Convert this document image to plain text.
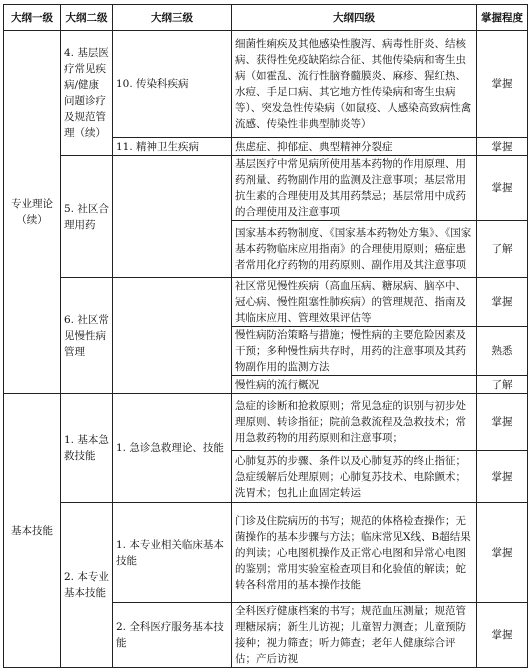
大纲一级	大纲二级	大纲三级	大纲四级	掌握程度
专业理论（续）	4. 基层医疗常见疾病/健康问题诊疗及规范管理（续）	10. 传染科疾病	细菌性痢疾及其他感染性腹泻、病毒性肝炎、结核病、获得性免疫缺陷综合征、其他传染病和寄生虫病（如霍乱、流行性脑脊髓膜炎、麻疹、猩红热、水痘、手足口病、其它地方性传染病和寄生虫病等）、突发急性传染病（如鼠疫、人感染高致病性禽流感、传染性非典型肺炎等）	掌握
		11. 精神卫生疾病	焦虑症、抑郁症、典型精神分裂症	掌握
	5. 社区合理用药		基层医疗中常见病所使用基本药物的作用原理、用药剂量、药物副作用的监测及注意事项；基层常用抗生素的合理使用及其用药禁忌；基层常用中成药的合理使用及注意事项	掌握
			国家基本药物制度、《国家基本药物处方集》、《国家基本药物临床应用指南》的合理使用原则；癌症患者常用化疗药物的用药原则、副作用及其注意事项	了解
	6. 社区常见慢性病管理		社区常见慢性疾病（高血压病、糖尿病、脑卒中、冠心病、慢性阻塞性肺疾病）的管理规范、指南及其临床应用、管理效果评估等	掌握
			慢性病防治策略与措施；慢性病的主要危险因素及干预；多种慢性病共存时，用药的注意事项及其药物副作用的监测方法	熟悉
			慢性病的流行概况	了解
基本技能	1. 基本急救技能	1. 急诊急救理论、技能	急症的诊断和抢救原则；常见急症的识别与初步处理原则、转诊指征；院前急救流程及急救技术；常用急救药物的用药原则和注意事项；	掌握
			心肺复苏的步骤、条件以及心肺复苏的终止指征；急症缓解后处理原则；心肺复苏技术、电除颤术；洗胃术；包扎止血固定转运	掌握
	2. 本专业基本技能	1. 本专业相关临床基本技能	门诊及住院病历的书写；规范的体格检查操作；无菌操作的基本步骤与方法；临床常见X线、B超结果的判读；心电图机操作及正常心电图和异常心电图的鉴别；常用实验室检查项目和化验值的解读；蛇转各科常用的基本操作技能	掌握
		2. 全科医疗服务基本技能	全科医疗健康档案的书写；规范血压测量；规范管理糖尿病；新生儿访视；儿童智力测查；儿童预防接种；视力筛查；听力筛查；老年人健康综合评估；产后访视	掌握
